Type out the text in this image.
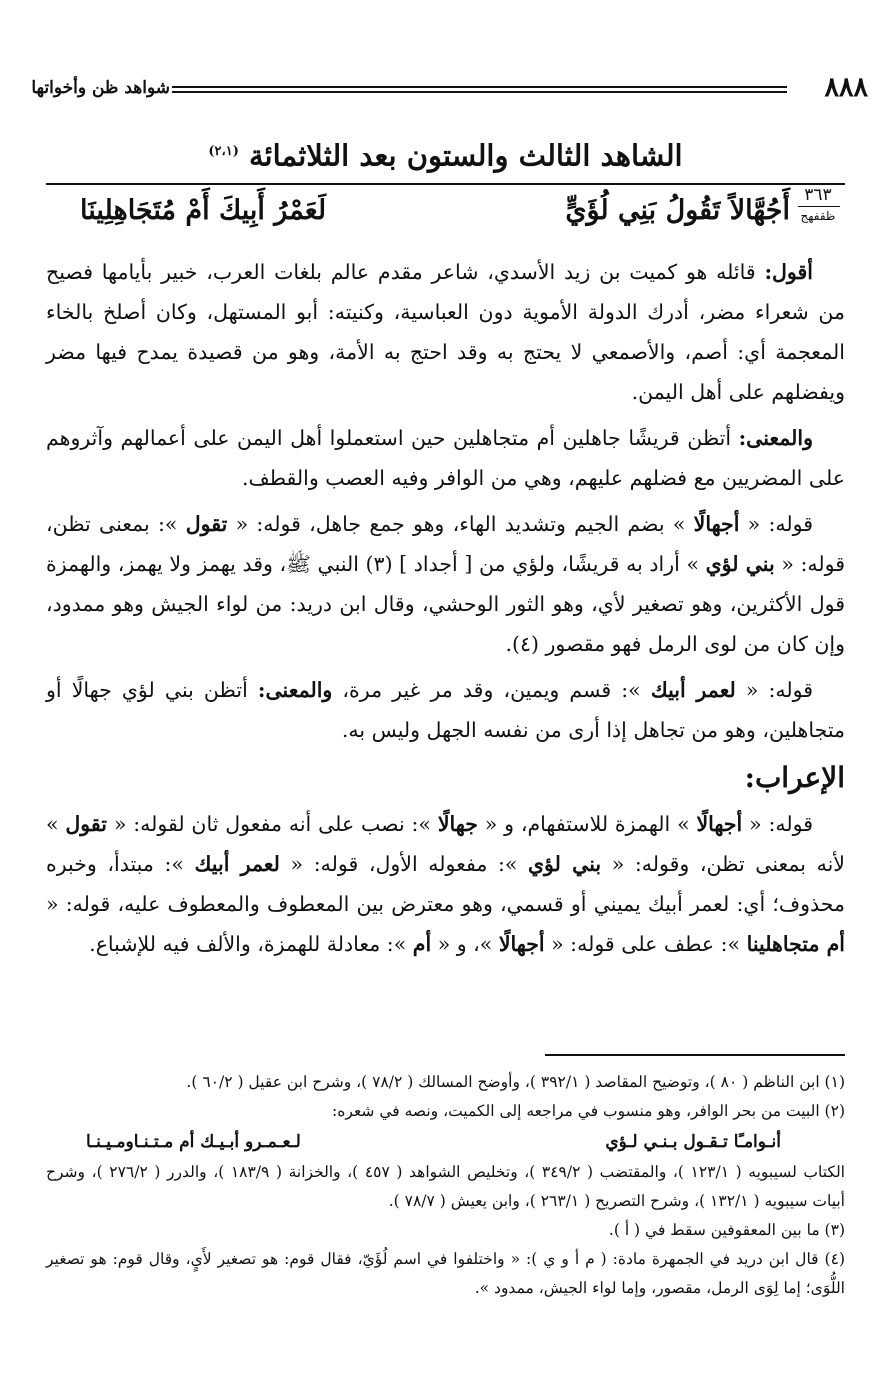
٨٨٨
شواهد ظن وأخواتها
الشاهد الثالث والستون بعد الثلاثمائة $^{(٢،١)}$
٣٦٣
ظقفهج
أَجُهَّالاً تَقُولُ بَنِي لُؤَيٍّ
لَعَمْرُ أَبِيكَ أَمْ مُتَجَاهِلِينَا

أقول: قائله هو كميت بن زيد الأسدي، شاعر مقدم عالم بلغات العرب، خبير بأيامها فصيح من شعراء مضر، أدرك الدولة الأموية دون العباسية، وكنيته: أبو المستهل، وكان أصلخ بالخاء المعجمة أي: أصم، والأصمعي لا يحتج به وقد احتج به الأمة، وهو من قصيدة يمدح فيها مضر ويفضلهم على أهل اليمن.

والمعنى: أتظن قريشًا جاهلين أم متجاهلين حين استعملوا أهل اليمن على أعمالهم وآثروهم على المضريين مع فضلهم عليهم، وهي من الوافر وفيه العصب والقطف.

قوله: « أجهالًا » بضم الجيم وتشديد الهاء، وهو جمع جاهل، قوله: « تقول »: بمعنى تظن، قوله: « بني لؤي » أراد به قريشًا، ولؤي من [ أجداد ] (٣) النبي ﷺ، وقد يهمز ولا يهمز، والهمزة قول الأكثرين، وهو تصغير لأي، وهو الثور الوحشي، وقال ابن دريد: من لواء الجيش وهو ممدود، وإن كان من لوى الرمل فهو مقصور (٤).

قوله: « لعمر أبيك »: قسم ويمين، وقد مر غير مرة، والمعنى: أتظن بني لؤي جهالًا أو متجاهلين، وهو من تجاهل إذا أرى من نفسه الجهل وليس به.

الإعراب:

قوله: « أجهالًا » الهمزة للاستفهام، و « جهالًا »: نصب على أنه مفعول ثان لقوله: « تقول » لأنه بمعنى تظن، وقوله: « بني لؤي »: مفعوله الأول، قوله: « لعمر أبيك »: مبتدأ، وخبره محذوف؛ أي: لعمر أبيك يميني أو قسمي، وهو معترض بين المعطوف والمعطوف عليه، قوله: « أم متجاهلينا »: عطف على قوله: « أجهالًا »، و « أم »: معادلة للهمزة، والألف فيه للإشباع.

(١) ابن الناظم ( ٨٠ )، وتوضيح المقاصد ( ٣٩٢/١ )، وأوضح المسالك ( ٧٨/٢ )، وشرح ابن عقيل ( ٦٠/٢ ).

(٢) البيت من بحر الوافر، وهو منسوب في مراجعه إلى الكميت، ونصه في شعره:

أنـوامـًا تـقـول بـنـي لـؤي
لـعـمـرو أبـيـك أم مـتـنـاومـيـنـا

الكتاب لسيبويه ( ١٢٣/١ )، والمقتضب ( ٣٤٩/٢ )، وتخليص الشواهد ( ٤٥٧ )، والخزانة ( ١٨٣/٩ )، والدرر ( ٢٧٦/٢ )، وشرح أبيات سيبويه ( ١٣٢/١ )، وشرح التصريح ( ٢٦٣/١ )، وابن يعيش ( ٧٨/٧ ).

(٣) ما بين المعقوفين سقط في ( أ ).

(٤) قال ابن دريد في الجمهرة مادة: ( م أ و ي ): « واختلفوا في اسم لُؤَيّ، فقال قوم: هو تصغير لأَيٍ، وقال قوم: هو تصغير اللُّوَى؛ إما لِوَى الرمل، مقصور، وإما لواء الجيش، ممدود ».
